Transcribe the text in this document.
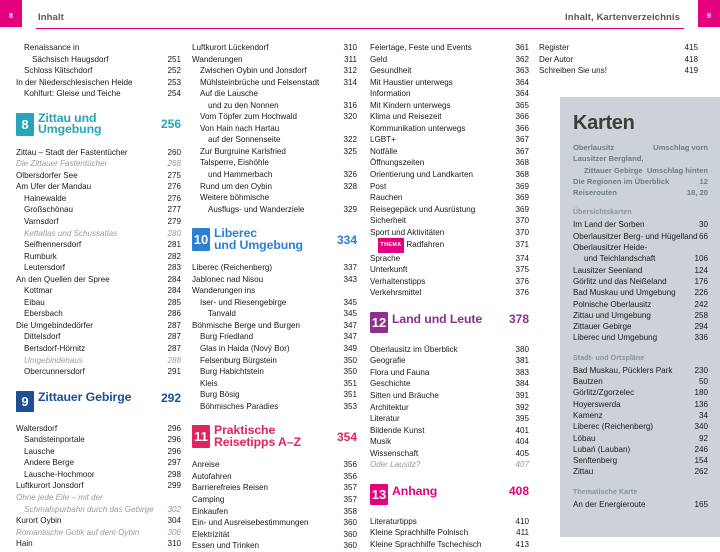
8	Inhalt
Renaissance in
Sächsisch Haugsdorf	251
Schloss Klitschdorf	252
In der Niederschlesischen Heide	253
Kohlfurt: Gleise und Teiche	254
8 Zittau und
Umgebung	256
Zittau – Stadt der Fastentücher	260
Die Zittauer Fastentücher	268
Olbersdorfer See	275
Am Ufer der Mandau	276
Hainewalde	276
Großschönau	277
Varnsdorf	279
Kettatlas und Schussatlas	280
Seifhennersdorf	281
Rumburk	282
Leutersdorf	283
An den Quellen der Spree	284
Kottmar	284
Eibau	285
Ebersbach	286
Die Umgebindedörfer	287
Dittelsdorf	287
Bertsdorf-Hörnitz	287
Umgebindehaus	288
Obercunnersdorf	291
9 Zittauer Gebirge	292
Waltersdorf	296
Sandsteinportale	296
Lausche	296
Andere Berge	297
Lausche-Hochmoor	298
Luftkurort Jonsdorf	299
Ohne jede Eile – mit der
Schmalspurbahn durch das Gebirge	302
Kurort Oybin	304
Romantische Gotik auf dem Oybin	306
Hain	310
Luftkurort Lückendorf	310
Wanderungen	311
Zwischen Oybin und Jonsdorf	312
Mühlsteinbrüche und Felsenstadt	314
Auf die Lausche
und zu den Nonnen	316
Vom Töpfer zum Hochwald	320
Von Hain nach Hartau
auf der Sonnenseite	322
Zur Burgruine Karlsfried	325
Talsperre, Eishöhle
und Hammerbach	326
Rund um den Oybin	328
Weitere böhmische
Ausflugs- und Wanderziele	329
10 Liberec
und Umgebung	334
Liberec (Reichenberg)	337
Jablonec nad Nisou	343
Wanderungen ins
Iser- und Riesengebirge	345
Tanvald	345
Böhmische Berge und Burgen	347
Burg Friedland	347
Glas in Haida (Nový Bor)	349
Felsenburg Bürgstein	350
Burg Habichtstein	350
Kleis	351
Burg Bösig	351
Böhmisches Paradies	353
11 Praktische
Reisetipps A–Z	354
Anreise	356
Autofahren	356
Barrierefreies Reisen	357
Camping	357
Einkaufen	358
Ein- und Ausreisebestimmungen	360
Elektrizität	360
Essen und Trinken	360
9
Inhalt, Kartenverzeichnis
Feiertage, Feste und Events	361
Geld	362
Gesundheit	363
Mit Haustier unterwegs	364
Information	364
Mit Kindern unterwegs	365
Klima und Reisezeit	366
Kommunikation unterwegs	366
LGBT+	367
Notfälle	367
Öffnungszeiten	368
Orientierung und Landkarten	368
Post	369
Rauchen	369
Reisegepäck und Ausrüstung	369
Sicherheit	370
Sport und Aktivitäten	370
THEMA Radfahren	371
Sprache	374
Unterkunft	375
Verhaltenstipps	376
Verkehrsmittel	376
12 Land und Leute	378
Oberlausitz im Überblick	380
Geografie	381
Flora und Fauna	383
Geschichte	384
Sitten und Bräuche	391
Architektur	392
Literatur	395
Bildende Kunst	401
Musik	404
Wissenschaft	405
Oder Lausitz?	407
13 Anhang	408
Literaturtipps	410
Kleine Sprachhilfe Polnisch	411
Kleine Sprachhilfe Tschechisch	413
Register	415
Der Autor	418
Schreiben Sie uns!	419
Karten
Oberlausitz	Umschlag vorn
Lausitzer Bergland,
Zittauer Gebirge Umschlag hinten
Die Regionen im Überblick	12
Reiserouten	18, 20
Übersichtskarten
Im Land der Sorben	30
Oberlausitzer Berg- und Hügelland 66
Oberlausitzer Heide-
und Teichlandschaft	106
Lausitzer Seenland	124
Görlitz und das Neißeland	176
Bad Muskau und Umgebung	226
Polnische Oberlausitz	242
Zittau und Umgebung	258
Zittauer Gebirge	294
Liberec und Umgebung	336
Stadt- und Ortspläne
Bad Muskau, Pücklers Park	230
Bautzen	50
Görlitz/Zgorzelec	180
Hoyerswerda	136
Kamenz	34
Liberec (Reichenberg)	340
Löbau	92
Lubań (Lauban)	246
Senftenberg	154
Zittau	262
Thematische Karte
An der Energieroute	165
